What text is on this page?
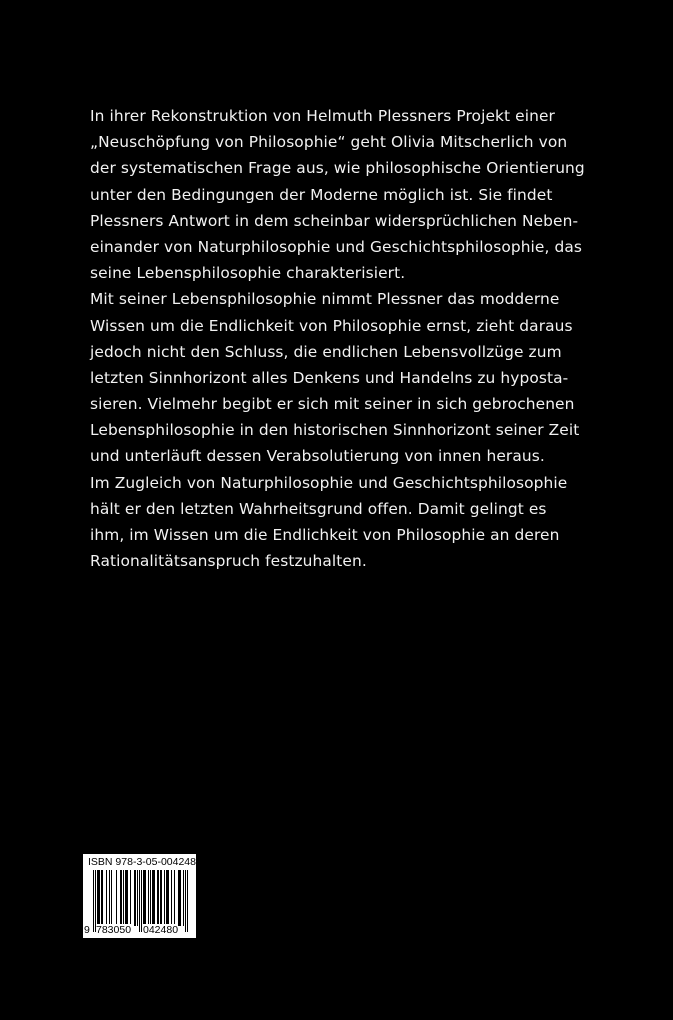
In ihrer Rekonstruktion von Helmuth Plessners Projekt einer
„Neuschöpfung von Philosophie“ geht Olivia Mitscherlich von
der systematischen Frage aus, wie philosophische Orientierung
unter den Bedingungen der Moderne möglich ist. Sie findet
Plessners Antwort in dem scheinbar widersprüchlichen Neben-
einander von Naturphilosophie und Geschichtsphilosophie, das
seine Lebensphilosophie charakterisiert.
Mit seiner Lebensphilosophie nimmt Plessner das modderne
Wissen um die Endlichkeit von Philosophie ernst, zieht daraus
jedoch nicht den Schluss, die endlichen Lebensvollzüge zum
letzten Sinnhorizont alles Denkens und Handelns zu hyposta-
sieren. Vielmehr begibt er sich mit seiner in sich gebrochenen
Lebensphilosophie in den historischen Sinnhorizont seiner Zeit
und unterläuft dessen Verabsolutierung von innen heraus.
Im Zugleich von Naturphilosophie und Geschichtsphilosophie
hält er den letzten Wahrheitsgrund offen. Damit gelingt es
ihm, im Wissen um die Endlichkeit von Philosophie an deren
Rationalitätsanspruch festzuhalten.
ISBN 978-3-05-004248-0
9 783050 042480
